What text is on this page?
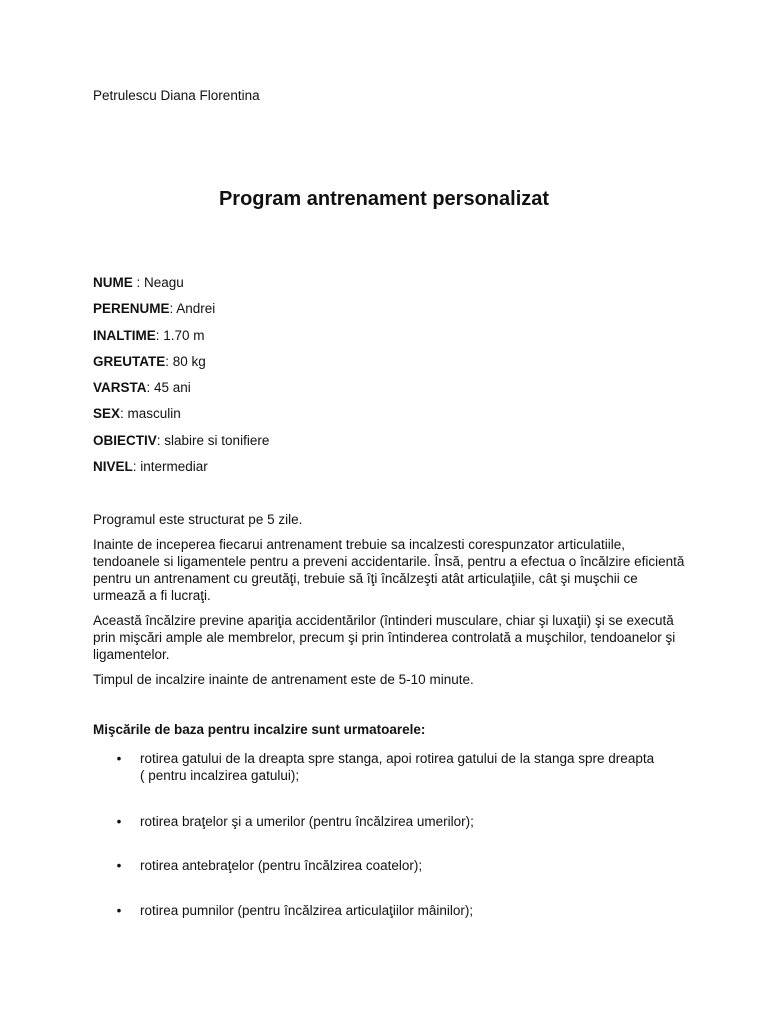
Petrulescu Diana Florentina
Program antrenament personalizat
NUME : Neagu
PERENUME: Andrei
INALTIME: 1.70 m
GREUTATE: 80 kg
VARSTA: 45 ani
SEX: masculin
OBIECTIV: slabire si tonifiere
NIVEL: intermediar

Programul este structurat pe 5 zile.

Inainte de inceperea fiecarui antrenament trebuie sa incalzesti corespunzator articulatiile, tendoanele si ligamentele pentru a preveni accidentarile. Însă, pentru a efectua o încălzire eficientă pentru un antrenament cu greutăţi, trebuie să îţi încălzeşti atât articulaţiile, cât şi muşchii ce urmează a fi lucraţi.

Această încălzire previne apariţia accidentărilor (întinderi musculare, chiar şi luxaţii) şi se execută prin mişcări ample ale membrelor, precum şi prin întinderea controlată a muşchilor, tendoanelor şi ligamentelor.

Timpul de incalzire inainte de antrenament este de 5-10 minute.

Mişcările de baza pentru incalzire sunt urmatoarele:

• rotirea gatului de la dreapta spre stanga, apoi rotirea gatului de la stanga spre dreapta ( pentru incalzirea gatului);
• rotirea braţelor şi a umerilor (pentru încălzirea umerilor);
• rotirea antebraţelor (pentru încălzirea coatelor);
• rotirea pumnilor (pentru încălzirea articulaţiilor mâinilor);
